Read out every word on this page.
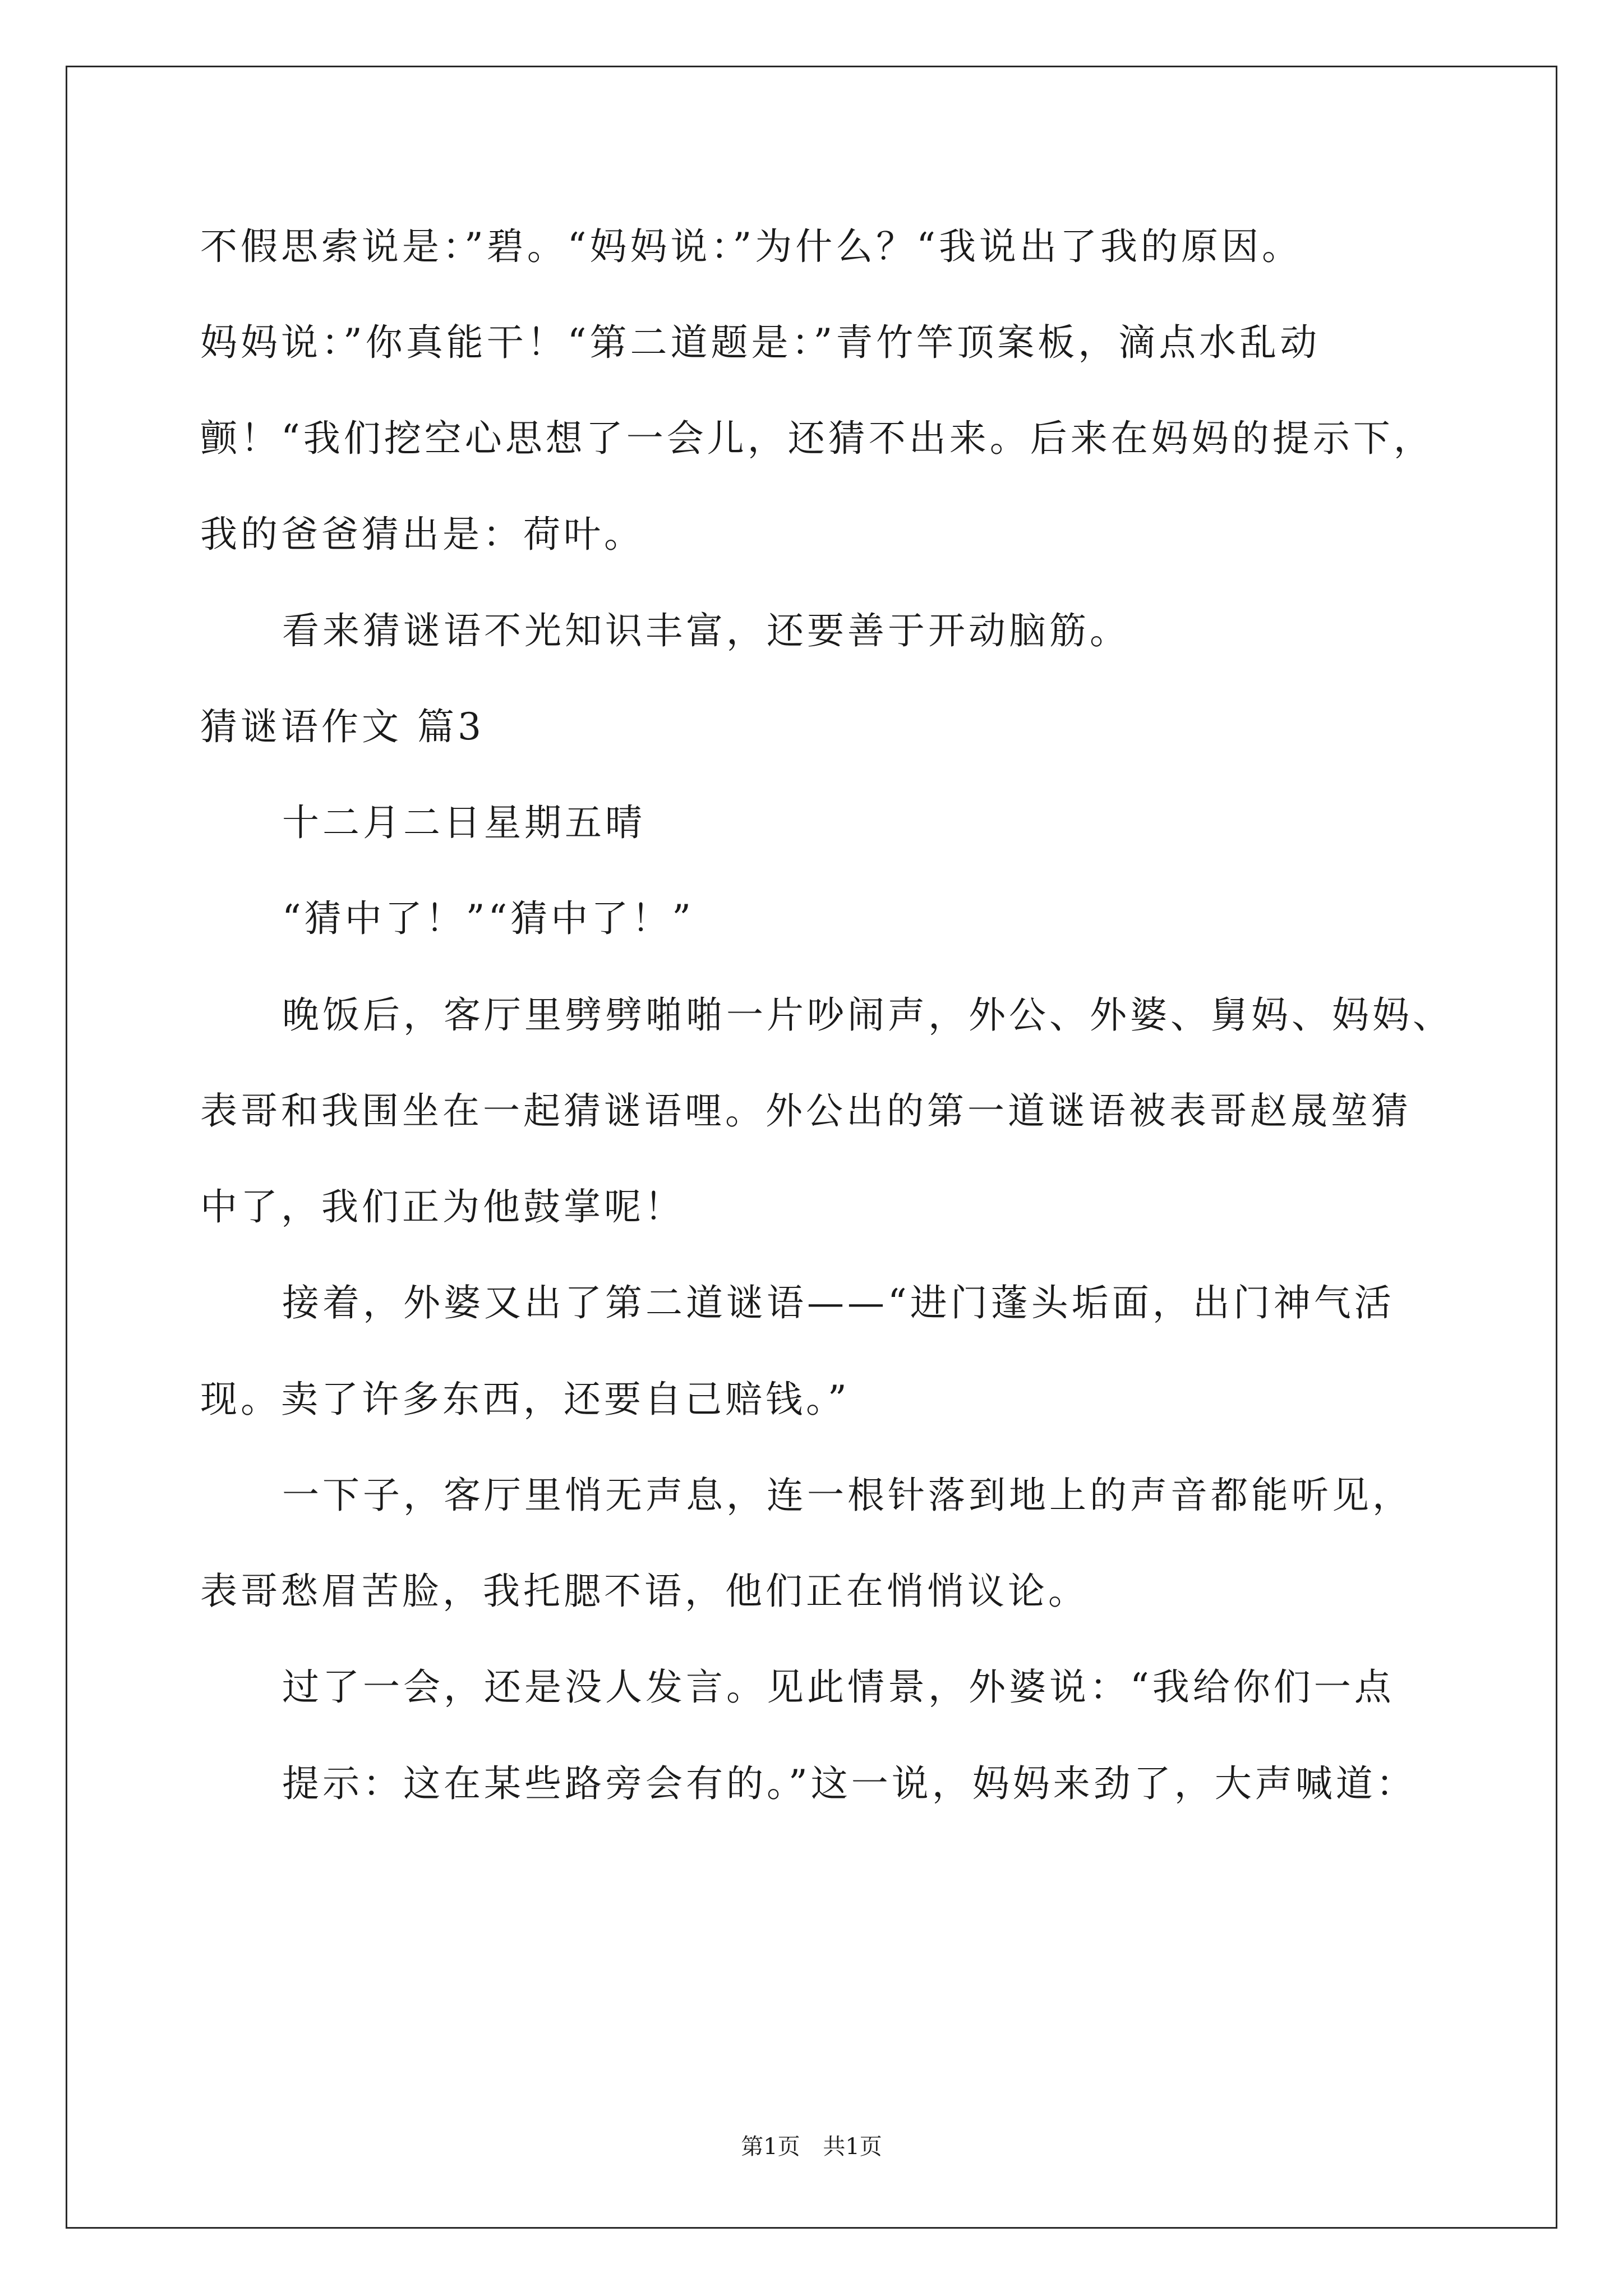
不假思索说是：”碧。“妈妈说：”为什么？“我说出了我的原因。
妈妈说：”你真能干！“第二道题是：”青竹竿顶案板，滴点水乱动
颤！“我们挖空心思想了一会儿，还猜不出来。后来在妈妈的提示下，
我的爸爸猜出是：荷叶。
看来猜谜语不光知识丰富，还要善于开动脑筋。
猜谜语作文 篇3
十二月二日星期五晴
“猜中了！”“猜中了！”
晚饭后，客厅里劈劈啪啪一片吵闹声，外公、外婆、舅妈、妈妈、
表哥和我围坐在一起猜谜语哩。外公出的第一道谜语被表哥赵晟堃猜
中了，我们正为他鼓掌呢！
接着，外婆又出了第二道谜语——“进门蓬头垢面，出门神气活
现。卖了许多东西，还要自己赔钱。”
一下子，客厅里悄无声息，连一根针落到地上的声音都能听见，
表哥愁眉苦脸，我托腮不语，他们正在悄悄议论。
过了一会，还是没人发言。见此情景，外婆说：“我给你们一点
提示：这在某些路旁会有的。”这一说，妈妈来劲了，大声喊道：
第1页 共1页
